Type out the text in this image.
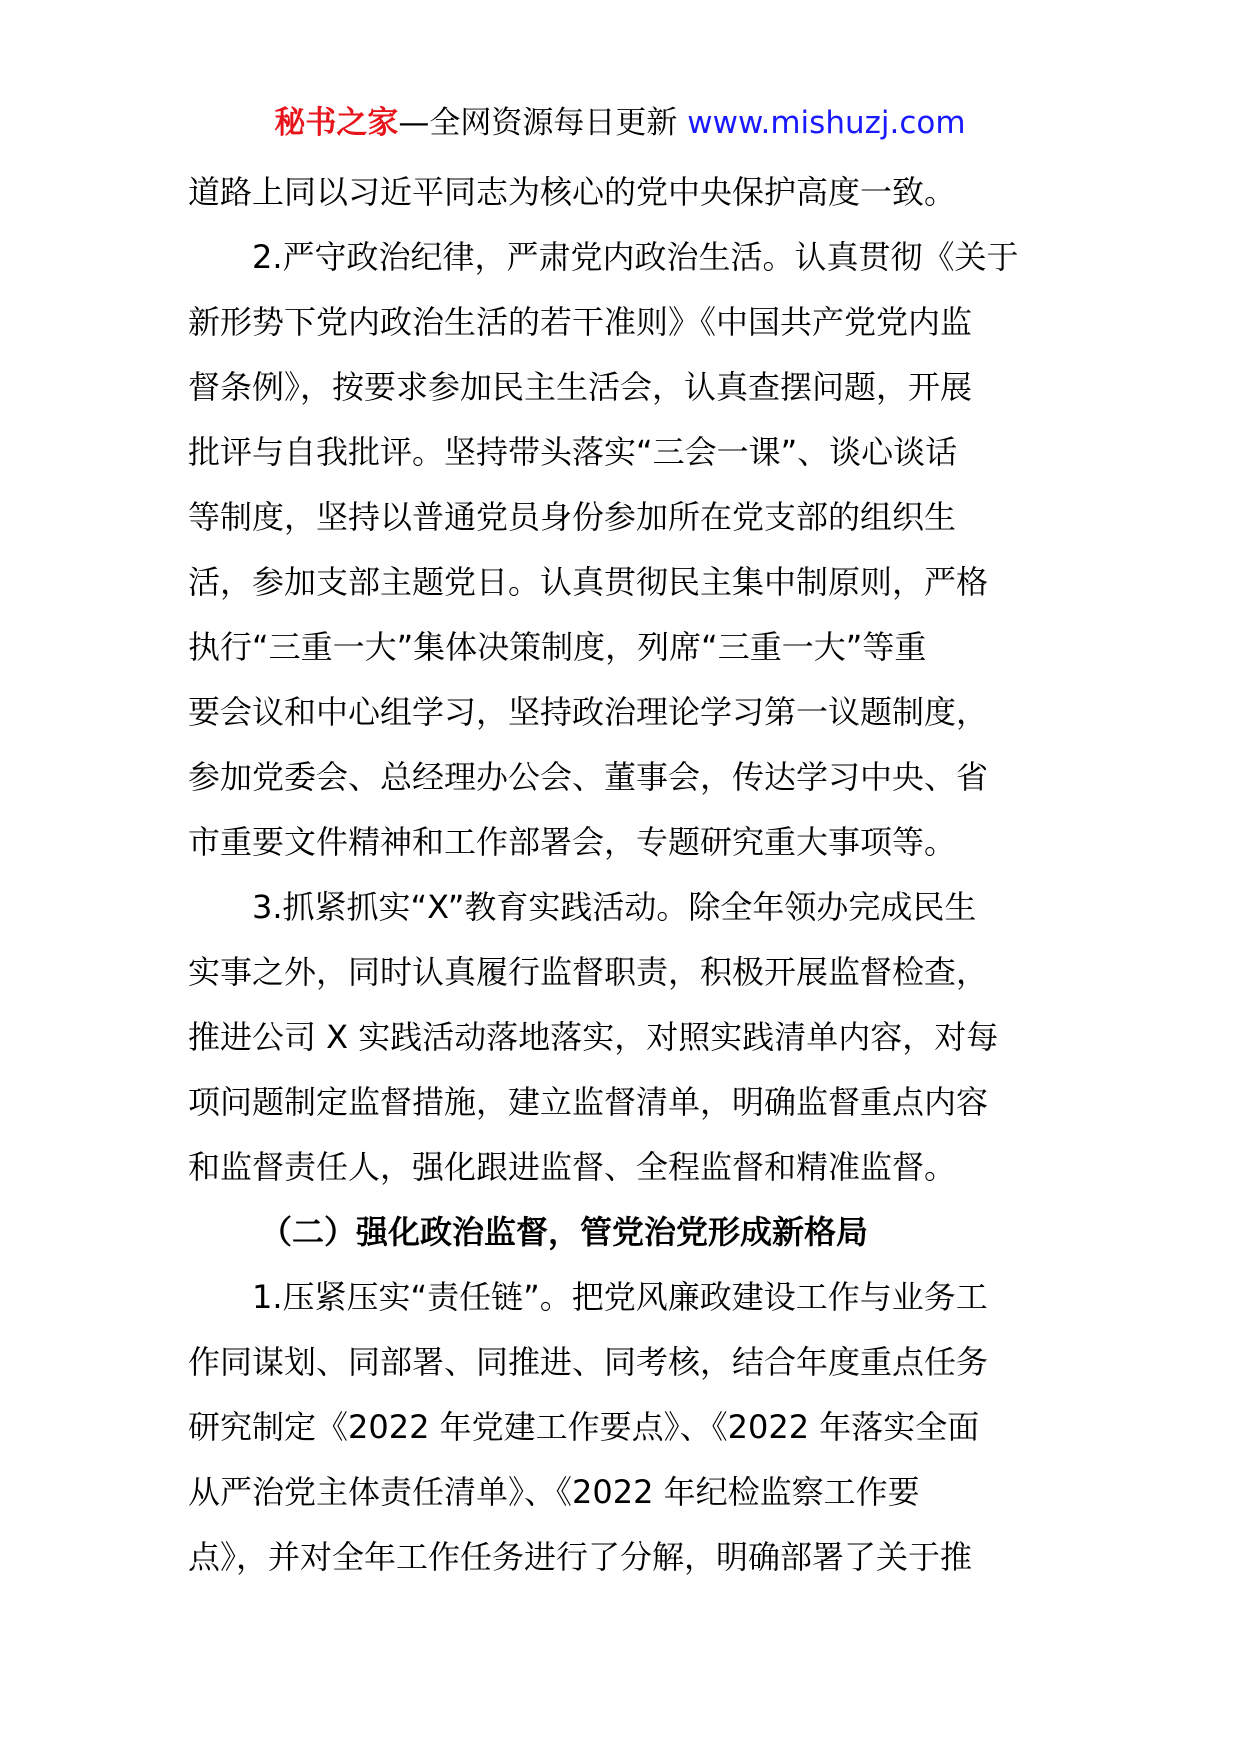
秘书之家—全网资源每日更新 www.mishuzj.com
道路上同以习近平同志为核心的党中央保护高度一致。
2.严守政治纪律，严肃党内政治生活。认真贯彻《关于
新形势下党内政治生活的若干准则》《中国共产党党内监
督条例》，按要求参加民主生活会，认真查摆问题，开展
批评与自我批评。坚持带头落实“三会一课”、谈心谈话
等制度，坚持以普通党员身份参加所在党支部的组织生
活，参加支部主题党日。认真贯彻民主集中制原则，严格
执行“三重一大”集体决策制度，列席“三重一大”等重
要会议和中心组学习，坚持政治理论学习第一议题制度，
参加党委会、总经理办公会、董事会，传达学习中央、省
市重要文件精神和工作部署会，专题研究重大事项等。
3.抓紧抓实“X”教育实践活动。除全年领办完成民生
实事之外，同时认真履行监督职责，积极开展监督检查，
推进公司 X 实践活动落地落实，对照实践清单内容，对每
项问题制定监督措施，建立监督清单，明确监督重点内容
和监督责任人，强化跟进监督、全程监督和精准监督。
（二）强化政治监督，管党治党形成新格局
1.压紧压实“责任链”。把党风廉政建设工作与业务工
作同谋划、同部署、同推进、同考核，结合年度重点任务
研究制定《2022 年党建工作要点》、《2022 年落实全面
从严治党主体责任清单》、《2022 年纪检监察工作要
点》，并对全年工作任务进行了分解，明确部署了关于推
